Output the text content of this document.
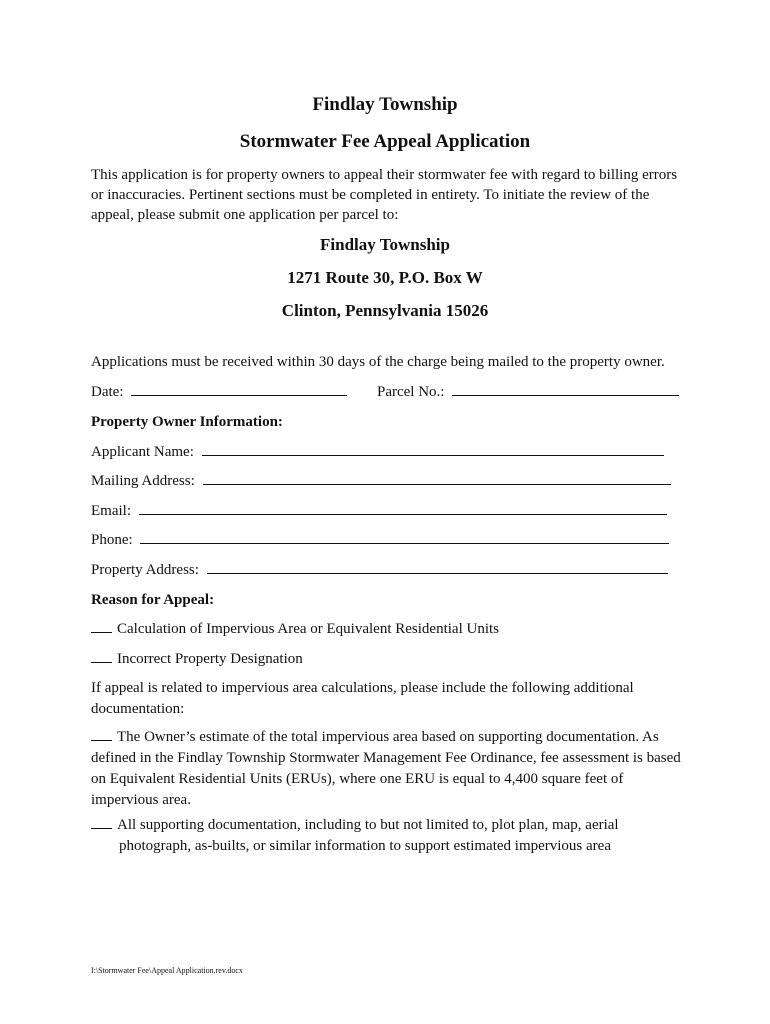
Findlay Township
Stormwater Fee Appeal Application
This application is for property owners to appeal their stormwater fee with regard to billing errors or inaccuracies. Pertinent sections must be completed in entirety. To initiate the review of the appeal, please submit one application per parcel to:
Findlay Township
1271 Route 30, P.O. Box W
Clinton, Pennsylvania 15026
Applications must be received within 30 days of the charge being mailed to the property owner.
Date:	Parcel No.:
Property Owner Information:
Applicant Name:
Mailing Address:
Email:
Phone:
Property Address:
Reason for Appeal:
Calculation of Impervious Area or Equivalent Residential Units
Incorrect Property Designation
If appeal is related to impervious area calculations, please include the following additional documentation:
The Owner’s estimate of the total impervious area based on supporting documentation. As defined in the Findlay Township Stormwater Management Fee Ordinance, fee assessment is based on Equivalent Residential Units (ERUs), where one ERU is equal to 4,400 square feet of impervious area.
All supporting documentation, including to but not limited to, plot plan, map, aerial
photograph, as-builts, or similar information to support estimated impervious area
I:\Stormwater Fee\Appeal Application.rev.docx
